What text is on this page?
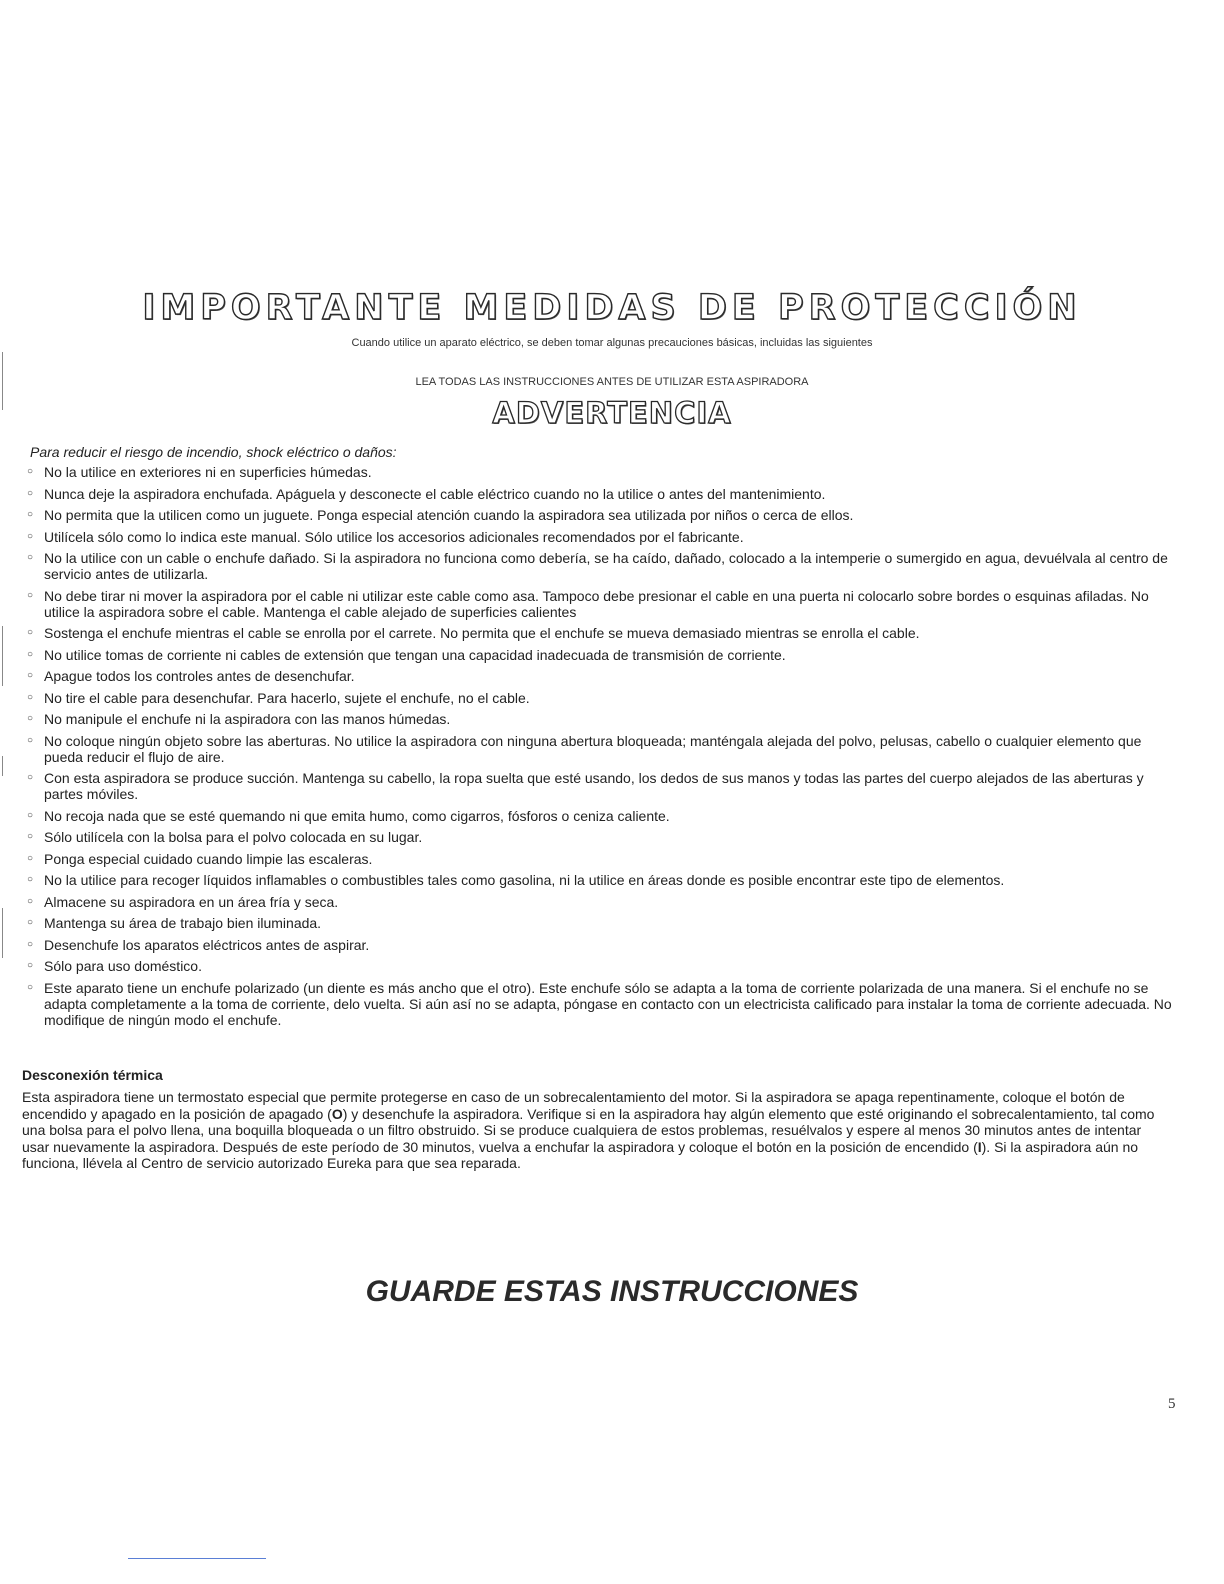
IMPORTANTE MEDIDAS DE PROTECCIÓN
Cuando utilice un aparato eléctrico, se deben tomar algunas precauciones básicas, incluidas las siguientes
LEA TODAS LAS INSTRUCCIONES ANTES DE UTILIZAR ESTA ASPIRADORA
ADVERTENCIA
Para reducir el riesgo de incendio, shock eléctrico o daños:
○ No la utilice en exteriores ni en superficies húmedas.
○ Nunca deje la aspiradora enchufada. Apáguela y desconecte el cable eléctrico cuando no la utilice o antes del mantenimiento.
○ No permita que la utilicen como un juguete. Ponga especial atención cuando la aspiradora sea utilizada por niños o cerca de ellos.
○ Utilícela sólo como lo indica este manual. Sólo utilice los accesorios adicionales recomendados por el fabricante.
○ No la utilice con un cable o enchufe dañado. Si la aspiradora no funciona como debería, se ha caído, dañado, colocado a la intemperie o sumergido en agua, devuélvala al centro de servicio antes de utilizarla.
○ No debe tirar ni mover la aspiradora por el cable ni utilizar este cable como asa. Tampoco debe presionar el cable en una puerta ni colocarlo sobre bordes o esquinas afiladas. No utilice la aspiradora sobre el cable. Mantenga el cable alejado de superficies calientes
○ Sostenga el enchufe mientras el cable se enrolla por el carrete. No permita que el enchufe se mueva demasiado mientras se enrolla el cable.
○ No utilice tomas de corriente ni cables de extensión que tengan una capacidad inadecuada de transmisión de corriente.
○ Apague todos los controles antes de desenchufar.
○ No tire el cable para desenchufar. Para hacerlo, sujete el enchufe, no el cable.
○ No manipule el enchufe ni la aspiradora con las manos húmedas.
○ No coloque ningún objeto sobre las aberturas. No utilice la aspiradora con ninguna abertura bloqueada; manténgala alejada del polvo, pelusas, cabello o cualquier elemento que pueda reducir el flujo de aire.
○ Con esta aspiradora se produce succión. Mantenga su cabello, la ropa suelta que esté usando, los dedos de sus manos y todas las partes del cuerpo alejados de las aberturas y partes móviles.
○ No recoja nada que se esté quemando ni que emita humo, como cigarros, fósforos o ceniza caliente.
○ Sólo utilícela con la bolsa para el polvo colocada en su lugar.
○ Ponga especial cuidado cuando limpie las escaleras.
○ No la utilice para recoger líquidos inflamables o combustibles tales como gasolina, ni la utilice en áreas donde es posible encontrar este tipo de elementos.
○ Almacene su aspiradora en un área fría y seca.
○ Mantenga su área de trabajo bien iluminada.
○ Desenchufe los aparatos eléctricos antes de aspirar.
○ Sólo para uso doméstico.
○ Este aparato tiene un enchufe polarizado (un diente es más ancho que el otro). Este enchufe sólo se adapta a la toma de corriente polarizada de una manera. Si el enchufe no se adapta completamente a la toma de corriente, delo vuelta. Si aún así no se adapta, póngase en contacto con un electricista calificado para instalar la toma de corriente adecuada. No modifique de ningún modo el enchufe.
Desconexión térmica

Esta aspiradora tiene un termostato especial que permite protegerse en caso de un sobrecalentamiento del motor. Si la aspiradora se apaga repentinamente, coloque el botón de encendido y apagado en la posición de apagado (O) y desenchufe la aspiradora. Verifique si en la aspiradora hay algún elemento que esté originando el sobrecalentamiento, tal como una bolsa para el polvo llena, una boquilla bloqueada o un filtro obstruido. Si se produce cualquiera de estos problemas, resuélvalos y espere al menos 30 minutos antes de intentar usar nuevamente la aspiradora. Después de este período de 30 minutos, vuelva a enchufar la aspiradora y coloque el botón en la posición de encendido (I). Si la aspiradora aún no funciona, llévela al Centro de servicio autorizado Eureka para que sea reparada.

GUARDE ESTAS INSTRUCCIONES
5
